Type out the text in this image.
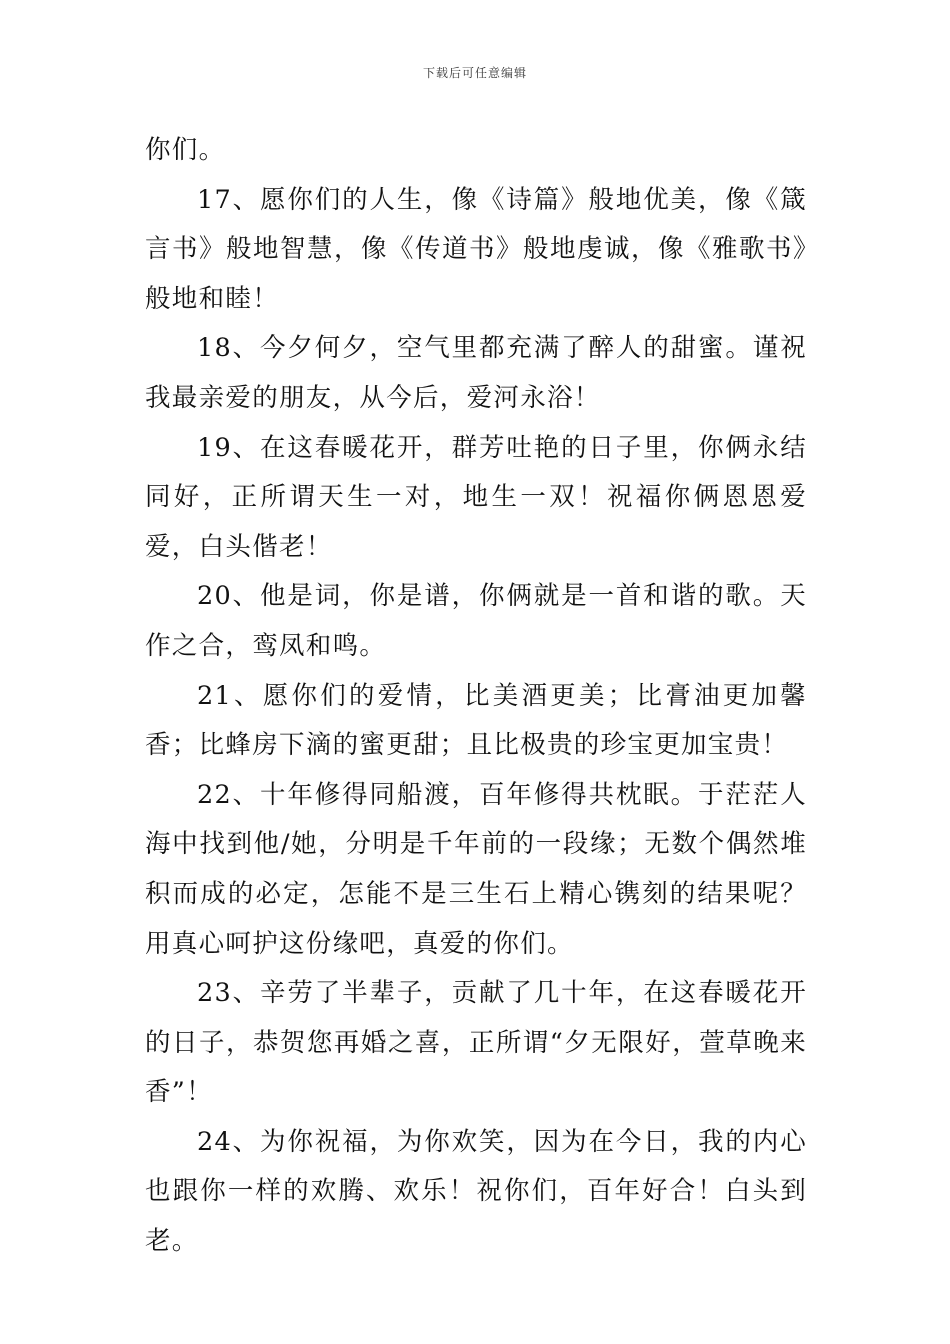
下载后可任意编辑

你们。

17、愿你们的人生，像《诗篇》般地优美，像《箴言书》般地智慧，像《传道书》般地虔诚，像《雅歌书》般地和睦！

18、今夕何夕，空气里都充满了醉人的甜蜜。谨祝我最亲爱的朋友，从今后，爱河永浴！

19、在这春暖花开，群芳吐艳的日子里，你俩永结同好，正所谓天生一对，地生一双！祝福你俩恩恩爱爱，白头偕老！

20、他是词，你是谱，你俩就是一首和谐的歌。天作之合，鸾凤和鸣。

21、愿你们的爱情，比美酒更美；比膏油更加馨香；比蜂房下滴的蜜更甜；且比极贵的珍宝更加宝贵！

22、十年修得同船渡，百年修得共枕眠。于茫茫人海中找到他/她，分明是千年前的一段缘；无数个偶然堆积而成的必定，怎能不是三生石上精心镌刻的结果呢？用真心呵护这份缘吧，真爱的你们。

23、辛劳了半辈子，贡献了几十年，在这春暖花开的日子，恭贺您再婚之喜，正所谓“夕无限好，萱草晚来香”！

24、为你祝福，为你欢笑，因为在今日，我的内心也跟你一样的欢腾、欢乐！祝你们，百年好合！白头到老。
